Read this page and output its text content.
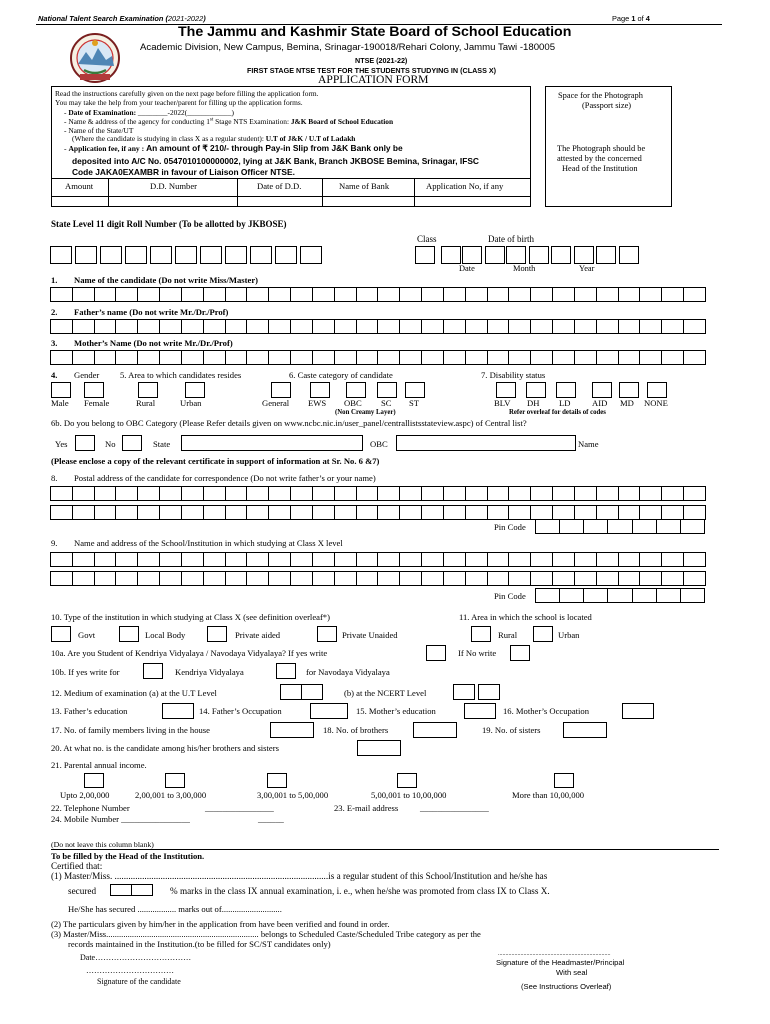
National Talent Search Examination (2021-2022)	Page 1 of 4
The Jammu and Kashmir State Board of School Education
Academic Division, New Campus, Bemina, Srinagar-190018/Rehari Colony, Jammu Tawi -180005
NTSE (2021-22)
FIRST STAGE NTSE TEST FOR THE STUDENTS STUDYING IN (CLASS X)
APPLICATION FORM
Read the instructions carefully given on the next page before filling the application form.
You may take the help from your teacher/parent for filling up the application forms.
- Date of Examination: ________-2022(____________)
- Name & address of the agency for conducting 1st Stage NTS Examination: J&K Board of School Education
- Name of the State/UT
(Where the candidate is studying in class X as a regular student): U.T of J&K / U.T of Ladakh
- Application fee, if any : An amount of ₹ 210/- through Pay-in Slip from J&K Bank only be
deposited into A/C No. 0547010100000002, lying at J&K Bank, Branch JKBOSE Bemina, Srinagar, IFSC
Code JAKA0EXAMBR in favour of Liaison Officer NTSE.
Amount	D.D. Number	Date of D.D.	Name of Bank	Application No, if any
Space for the Photograph
(Passport size)
The Photograph should be
attested by the concerned
Head of the Institution
State Level 11 digit Roll Number (To be allotted by JKBOSE)
Class	Date of birth
Date	Month	Year
1. Name of the candidate (Do not write Miss/Master)
2. Father’s name (Do not write Mr./Dr./Prof)
3. Mother’s Name (Do not write Mr./Dr./Prof)
4. Gender 5. Area to which candidates resides	6. Caste category of candidate	7. Disability status
Male Female	Rural	Urban	General EWS OBC SC ST
(Non Creamy Layer)
BLV DH LD	AID MD NONE
Refer overleaf for details of codes
6b. Do you belong to OBC Category (Please Refer details given on www.ncbc.nic.in/user_panel/centrallistsstateview.aspc) of Central list?
Yes	No	State	OBC	Name
(Please enclose a copy of the relevant certificate in support of information at Sr. No. 6 &7)
8. Postal address of the candidate for correspondence (Do not write father’s or your name)
Pin Code
9. Name and address of the School/Institution in which studying at Class X level
Pin Code
10. Type of the institution in which studying at Class X (see definition overleaf*)	11. Area in which the school is located
Govt	Local Body	Private aided	Private Unaided	Rural	Urban
10a. Are you Student of Kendriya Vidyalaya / Navodaya Vidyalaya? If yes write	If No write
10b. If yes write for	Kendriya Vidyalaya	for Navodaya Vidyalaya
12. Medium of examination (a) at the U.T Level	(b) at the NCERT Level
13. Father’s education	14. Father’s Occupation	15. Mother’s education	16. Mother’s Occupation
17. No. of family members living in the house	18. No. of brothers	19. No. of sisters
20. At what no. is the candidate among his/her brothers and sisters
21. Parental annual income.
Upto 2,00,000	2,00,001 to 3,00,000	3,00,001 to 5,00,000	5,00,001 to 10,00,000	More than 10,00,000
22. Telephone Number	________________	23. E-mail address	________________
24. Mobile Number ________________	______
(Do not leave this column blank)
To be filled by the Head of the Institution.
Certified that:
(1) Master/Miss. .............................................................................................is a regular student of this School/Institution and he/she has
secured	% marks in the class IX annual examination, i. e., when he/she was promoted from class IX to Class X.
He/She has secured .................. marks out of............................
(2) The particulars given by him/her in the application from have been verified and found in order.
(3) Master/Miss....................................................................... belongs to Scheduled Caste/Scheduled Tribe category as per the
records maintained in the Institution.(to be filled for SC/ST candidates only)
Date………………………………
……………………………
Signature of the candidate
...........................................................................
Signature of the Headmaster/Principal
With seal
(See Instructions Overleaf)
